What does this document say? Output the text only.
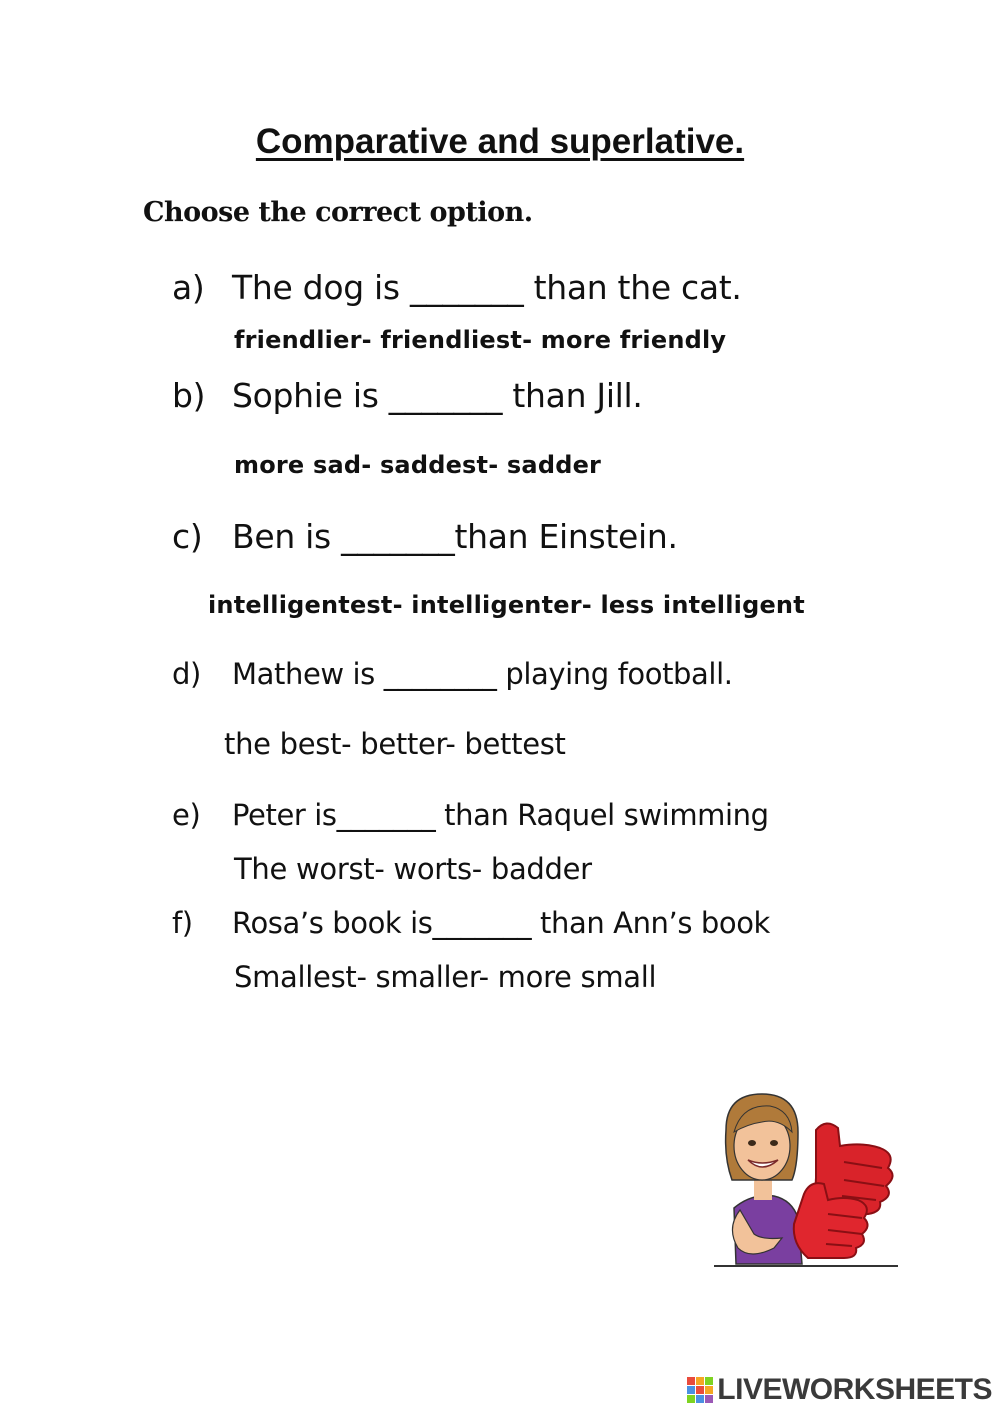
Comparative and superlative.
Choose the correct option.
a) The dog is _______ than the cat.
friendlier- friendliest- more friendly
b) Sophie is _______ than Jill.
more sad- saddest- sadder
c) Ben is _______than Einstein.
intelligentest- intelligenter- less intelligent
d) Mathew is ________ playing football.
the best- better- bettest
e) Peter is_______ than Raquel swimming
The worst- worts- badder
f) Rosa’s book is_______ than Ann’s book
Smallest- smaller- more small
LIVEWORKSHEETS
